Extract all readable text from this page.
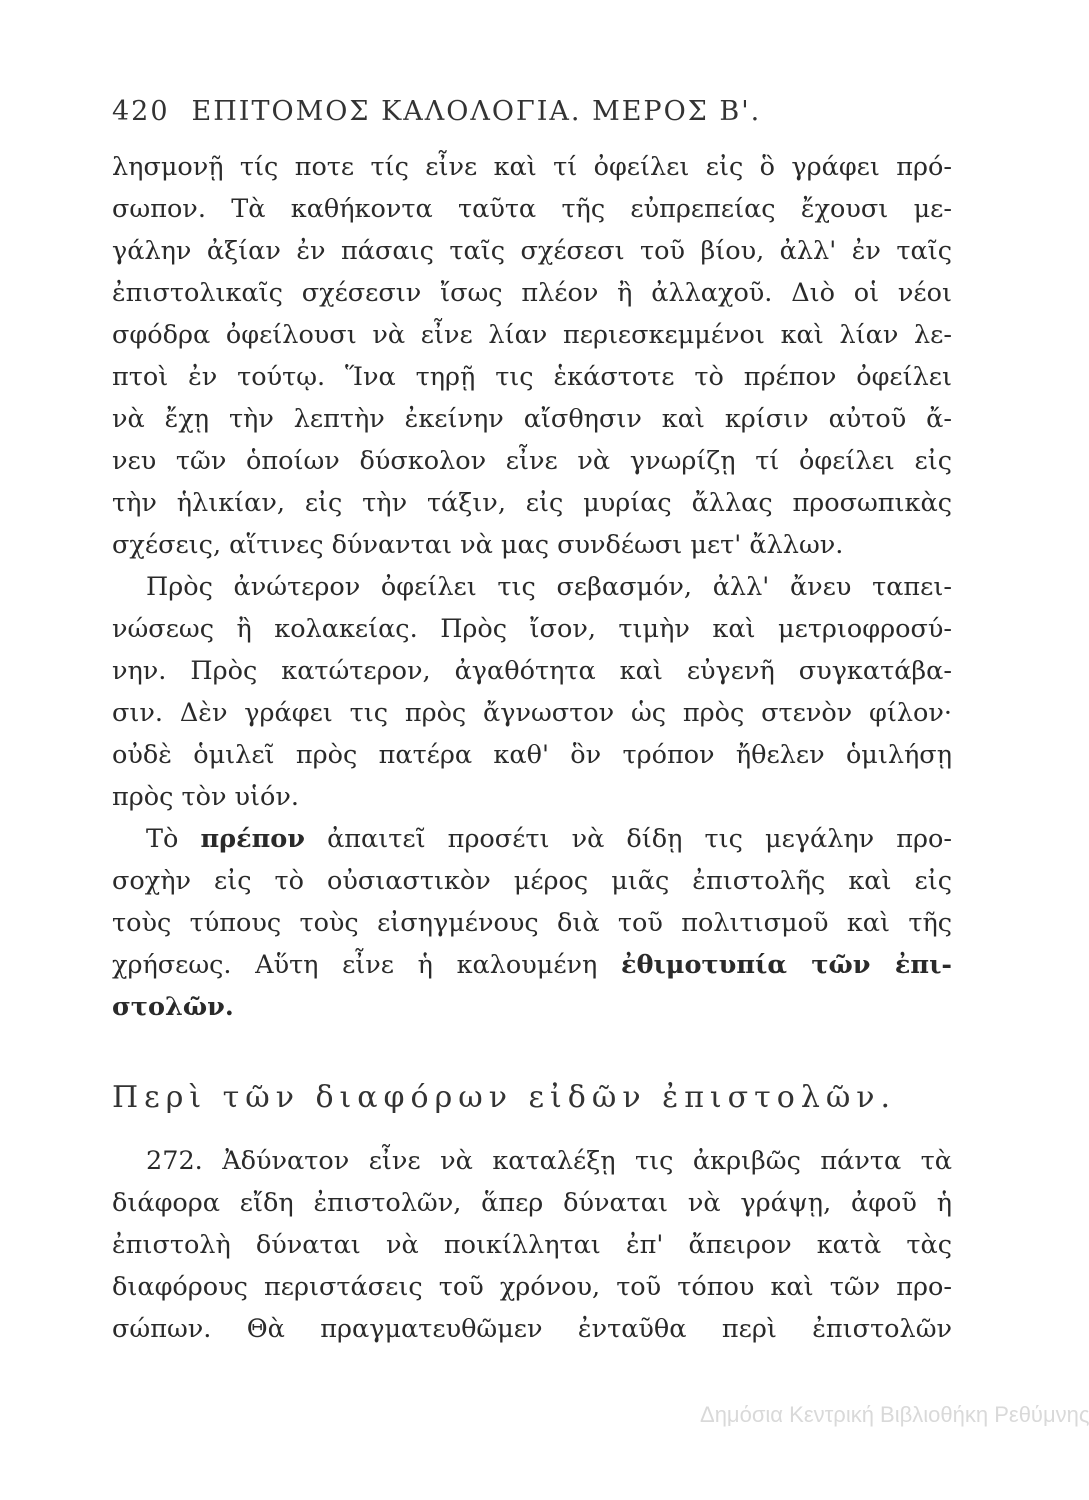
420 ΕΠΙΤΟΜΟΣ ΚΑΛΟΛΟΓΙΑ. ΜΕΡΟΣ Β'.
λησμονῇ τίς ποτε τίς εἶνε καὶ τί ὀφείλει εἰς ὃ γράφει πρό-
σωπον. Τὰ καθήκοντα ταῦτα τῆς εὐπρεπείας ἔχουσι με-
γάλην ἀξίαν ἐν πάσαις ταῖς σχέσεσι τοῦ βίου, ἀλλ' ἐν ταῖς
ἐπιστολικαῖς σχέσεσιν ἴσως πλέον ἢ ἀλλαχοῦ. Διὸ οἱ νέοι
σφόδρα ὀφείλουσι νὰ εἶνε λίαν περιεσκεμμένοι καὶ λίαν λε-
πτοὶ ἐν τούτῳ. Ἵνα τηρῇ τις ἑκάστοτε τὸ πρέπον ὀφείλει
νὰ ἔχῃ τὴν λεπτὴν ἐκείνην αἴσθησιν καὶ κρίσιν αὐτοῦ ἄ-
νευ τῶν ὁποίων δύσκολον εἶνε νὰ γνωρίζῃ τί ὀφείλει εἰς
τὴν ἡλικίαν, εἰς τὴν τάξιν, εἰς μυρίας ἄλλας προσωπικὰς
σχέσεις, αἵτινες δύνανται νὰ μας συνδέωσι μετ' ἄλλων.
Πρὸς ἀνώτερον ὀφείλει τις σεβασμόν, ἀλλ' ἄνευ ταπει-
νώσεως ἢ κολακείας. Πρὸς ἴσον, τιμὴν καὶ μετριοφροσύ-
νην. Πρὸς κατώτερον, ἀγαθότητα καὶ εὐγενῆ συγκατάβα-
σιν. Δὲν γράφει τις πρὸς ἄγνωστον ὡς πρὸς στενὸν φίλον·
οὐδὲ ὁμιλεῖ πρὸς πατέρα καθ' ὃν τρόπον ἤθελεν ὁμιλήσῃ
πρὸς τὸν υἱόν.
Τὸ πρέπον ἀπαιτεῖ προσέτι νὰ δίδῃ τις μεγάλην προ-
σοχὴν εἰς τὸ οὐσιαστικὸν μέρος μιᾶς ἐπιστολῆς καὶ εἰς
τοὺς τύπους τοὺς εἰσηγμένους διὰ τοῦ πολιτισμοῦ καὶ τῆς
χρήσεως. Αὕτη εἶνε ἡ καλουμένη ἐθιμοτυπία τῶν ἐπι-
στολῶν.
Περὶ τῶν διαφόρων εἰδῶν ἐπιστολῶν.
272. Ἀδύνατον εἶνε νὰ καταλέξῃ τις ἀκριβῶς πάντα τὰ
διάφορα εἴδη ἐπιστολῶν, ἅπερ δύναται νὰ γράψῃ, ἀφοῦ ἡ
ἐπιστολὴ δύναται νὰ ποικίλληται ἐπ' ἄπειρον κατὰ τὰς
διαφόρους περιστάσεις τοῦ χρόνου, τοῦ τόπου καὶ τῶν προ-
σώπων. Θὰ πραγματευθῶμεν ἐνταῦθα περὶ ἐπιστολῶν
Δημόσια Κεντρική Βιβλιοθήκη Ρεθύμνης
